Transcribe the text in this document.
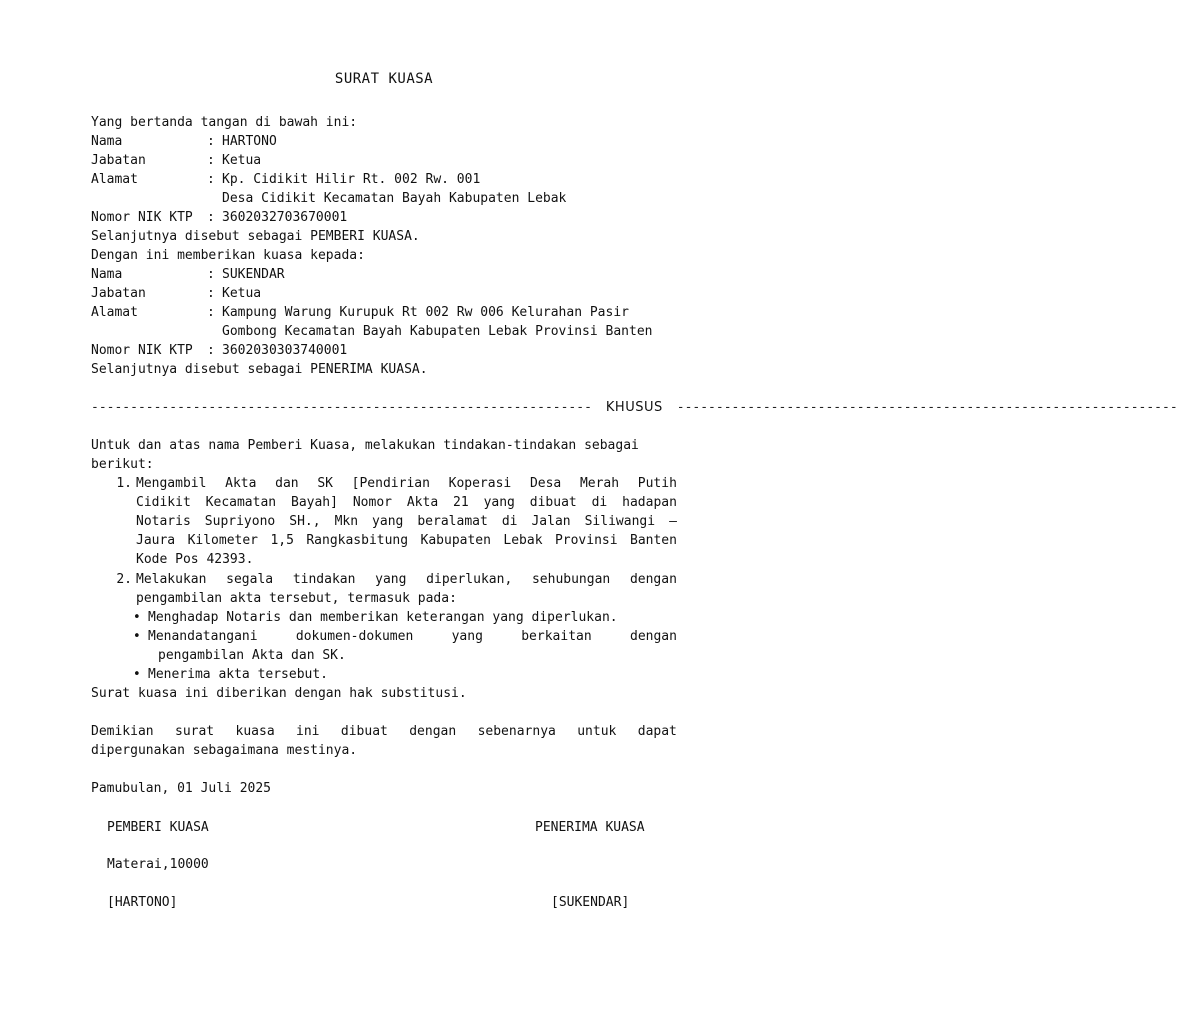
SURAT KUASA
Yang bertanda tangan di bawah ini:
Nama	: HARTONO
Jabatan	: Ketua
Alamat	: Kp. Cidikit Hilir Rt. 002 Rw. 001
Desa Cidikit Kecamatan Bayah Kabupaten Lebak
Nomor NIK KTP : 3602032703670001
Selanjutnya disebut sebagai PEMBERI KUASA.
Dengan ini memberikan kuasa kepada:
Nama	: SUKENDAR
Jabatan	: Ketua
Alamat	: Kampung Warung Kurupuk Rt 002 Rw 006 Kelurahan Pasir
Gombong Kecamatan Bayah Kabupaten Lebak Provinsi Banten
Nomor NIK KTP : 3602030303740001
Selanjutnya disebut sebagai PENERIMA KUASA.
----------------------------------------------------------------	KHUSUS	----------------------------------------------------------------
Untuk dan atas nama Pemberi Kuasa, melakukan tindakan-tindakan sebagai
berikut:
1. Mengambil Akta dan SK [Pendirian Koperasi Desa Merah Putih
Cidikit Kecamatan Bayah] Nomor Akta 21 yang dibuat di hadapan
Notaris Supriyono SH., Mkn yang beralamat di Jalan Siliwangi –
Jaura Kilometer 1,5 Rangkasbitung Kabupaten Lebak Provinsi Banten
Kode Pos 42393.
2. Melakukan segala tindakan yang diperlukan, sehubungan dengan
pengambilan akta tersebut, termasuk pada:
• Menghadap Notaris dan memberikan keterangan yang diperlukan.
• Menandatangani	dokumen-dokumen	yang	berkaitan	dengan
pengambilan Akta dan SK.
• Menerima akta tersebut.
Surat kuasa ini diberikan dengan hak substitusi.
Demikian surat kuasa ini dibuat dengan sebenarnya untuk dapat
dipergunakan sebagaimana mestinya.
Pamubulan, 01 Juli 2025
PEMBERI KUASA	PENERIMA KUASA
Materai,10000
[HARTONO]	[SUKENDAR]
